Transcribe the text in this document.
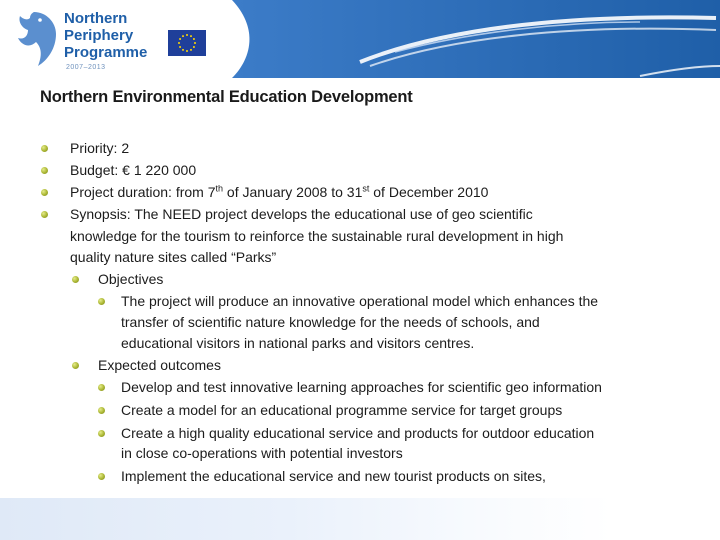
Northern
Periphery
Programme
2007–2013
Northern Environmental Education Development
Priority: 2
Budget: € 1 220 000
Project duration: from 7th of January 2008 to 31st of December 2010
Synopsis: The NEED project develops the educational use of geo scientific
knowledge for the tourism to reinforce the sustainable rural development in high
quality nature sites called “Parks”
Objectives
The project will produce an innovative operational model which enhances the
transfer of scientific nature knowledge for the needs of schools, and
educational visitors in national parks and visitors centres.
Expected outcomes
Develop and test innovative learning approaches for scientific geo information
Create a model for an educational programme service for target groups
Create a high quality educational service and products for outdoor education
in close co-operations with potential investors
Implement the educational service and new tourist products on sites,
